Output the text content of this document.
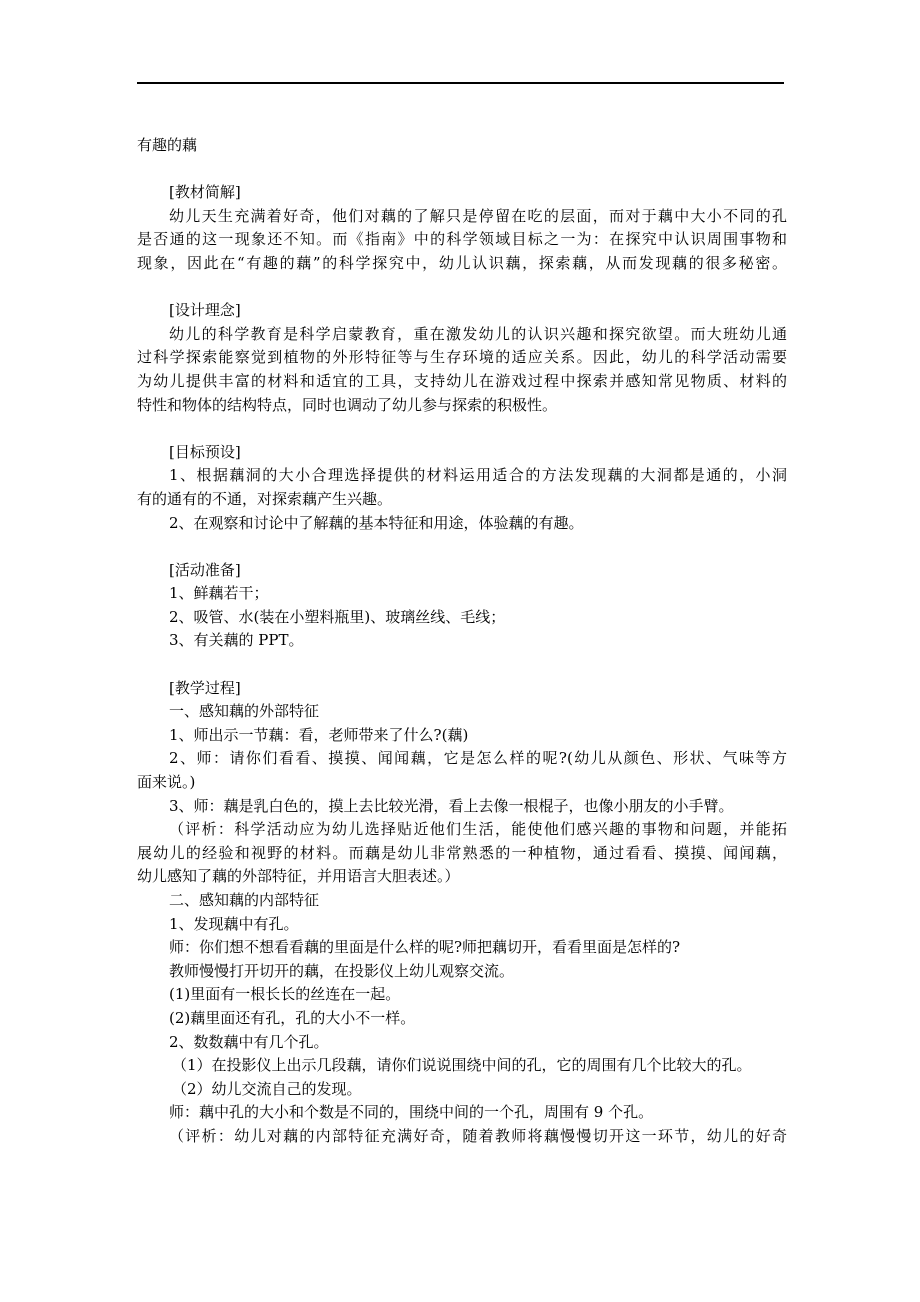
有趣的藕
[教材简解]
幼儿天生充满着好奇，他们对藕的了解只是停留在吃的层面，而对于藕中大小不同的孔
是否通的这一现象还不知。而《指南》中的科学领域目标之一为：在探究中认识周围事物和
现象，因此在“有趣的藕”的科学探究中，幼儿认识藕，探索藕，从而发现藕的很多秘密。
[设计理念]
幼儿的科学教育是科学启蒙教育，重在激发幼儿的认识兴趣和探究欲望。而大班幼儿通
过科学探索能察觉到植物的外形特征等与生存环境的适应关系。因此，幼儿的科学活动需要
为幼儿提供丰富的材料和适宜的工具，支持幼儿在游戏过程中探索并感知常见物质、材料的
特性和物体的结构特点，同时也调动了幼儿参与探索的积极性。
[目标预设]
1、根据藕洞的大小合理选择提供的材料运用适合的方法发现藕的大洞都是通的，小洞
有的通有的不通，对探索藕产生兴趣。
2、在观察和讨论中了解藕的基本特征和用途，体验藕的有趣。
[活动准备]
1、鲜藕若干；
2、吸管、水(装在小塑料瓶里)、玻璃丝线、毛线；
3、有关藕的 PPT。
[教学过程]
一、感知藕的外部特征
1、师出示一节藕：看，老师带来了什么?(藕)
2、师：请你们看看、摸摸、闻闻藕，它是怎么样的呢?(幼儿从颜色、形状、气味等方
面来说。)
3、师：藕是乳白色的，摸上去比较光滑，看上去像一根棍子，也像小朋友的小手臂。
（评析：科学活动应为幼儿选择贴近他们生活，能使他们感兴趣的事物和问题，并能拓
展幼儿的经验和视野的材料。而藕是幼儿非常熟悉的一种植物，通过看看、摸摸、闻闻藕，
幼儿感知了藕的外部特征，并用语言大胆表述。）
二、感知藕的内部特征
1、发现藕中有孔。
师：你们想不想看看藕的里面是什么样的呢?师把藕切开，看看里面是怎样的?
教师慢慢打开切开的藕，在投影仪上幼儿观察交流。
(1)里面有一根长长的丝连在一起。
(2)藕里面还有孔，孔的大小不一样。
2、数数藕中有几个孔。
（1）在投影仪上出示几段藕，请你们说说围绕中间的孔，它的周围有几个比较大的孔。
（2）幼儿交流自己的发现。
师：藕中孔的大小和个数是不同的，围绕中间的一个孔，周围有 9 个孔。
（评析：幼儿对藕的内部特征充满好奇，随着教师将藕慢慢切开这一环节，幼儿的好奇
